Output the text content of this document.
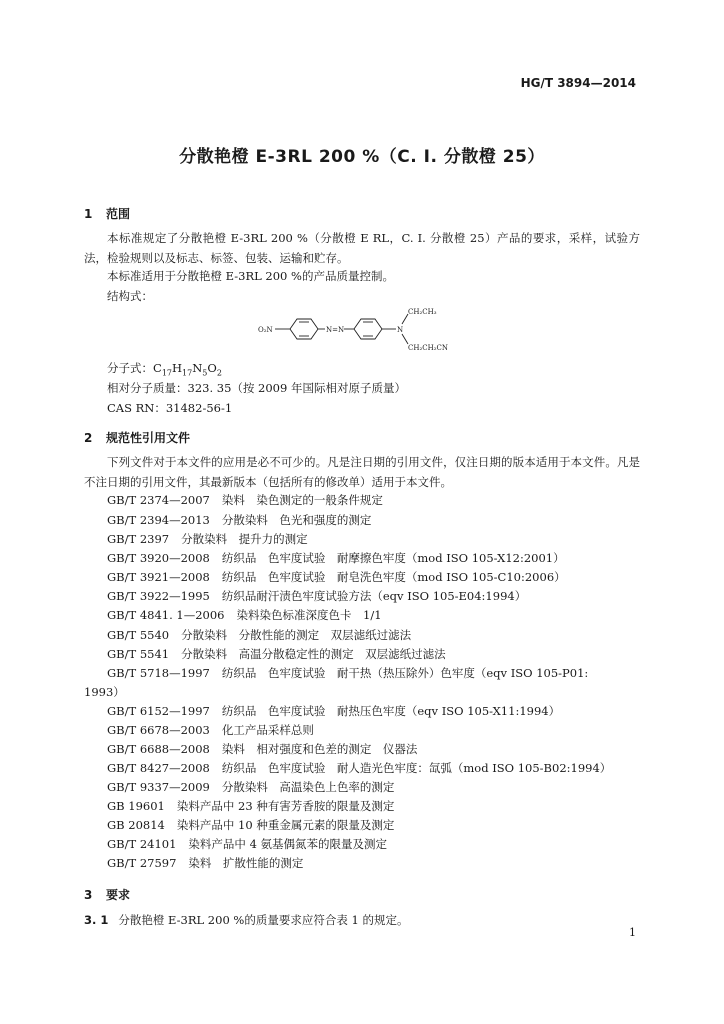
HG/T 3894—2014
分散艳橙 E-3RL 200 %（C. I. 分散橙 25）
1 范围
本标准规定了分散艳橙 E-3RL 200 %（分散橙 E RL，C. I. 分散橙 25）产品的要求，采样，试验方法，检验规则以及标志、标签、包装、运输和贮存。
本标准适用于分散艳橙 E-3RL 200 %的产品质量控制。
结构式：
O₂N	N=N	N
CH₂CH₃
CH₂CH₂CN
分子式：$C_{17}H_{17}N_5O_2$
相对分子质量：323. 35（按 2009 年国际相对原子质量）
CAS RN：31482-56-1
2 规范性引用文件
下列文件对于本文件的应用是必不可少的。凡是注日期的引用文件，仅注日期的版本适用于本文件。凡是不注日期的引用文件，其最新版本（包括所有的修改单）适用于本文件。
GB/T 2374—2007 染料　染色测定的一般条件规定
GB/T 2394—2013 分散染料　色光和强度的测定
GB/T 2397 分散染料　提升力的测定
GB/T 3920—2008 纺织品　色牢度试验　耐摩擦色牢度（mod ISO 105-X12:2001）
GB/T 3921—2008 纺织品　色牢度试验　耐皂洗色牢度（mod ISO 105-C10:2006）
GB/T 3922—1995 纺织品耐汗渍色牢度试验方法（eqv ISO 105-E04:1994）
GB/T 4841. 1—2006 染料染色标准深度色卡　1/1
GB/T 5540 分散染料　分散性能的测定　双层滤纸过滤法
GB/T 5541 分散染料　高温分散稳定性的测定　双层滤纸过滤法
GB/T 5718—1997 纺织品　色牢度试验　耐干热（热压除外）色牢度（eqv ISO 105-P01:
1993）
GB/T 6152—1997 纺织品　色牢度试验　耐热压色牢度（eqv ISO 105-X11:1994）
GB/T 6678—2003 化工产品采样总则
GB/T 6688—2008 染料　相对强度和色差的测定　仪器法
GB/T 8427—2008 纺织品　色牢度试验　耐人造光色牢度：氙弧（mod ISO 105-B02:1994）
GB/T 9337—2009 分散染料　高温染色上色率的测定
GB 19601 染料产品中 23 种有害芳香胺的限量及测定
GB 20814 染料产品中 10 种重金属元素的限量及测定
GB/T 24101 染料产品中 4 氨基偶氮苯的限量及测定
GB/T 27597 染料　扩散性能的测定
3 要求
3. 1 分散艳橙 E-3RL 200 %的质量要求应符合表 1 的规定。
1
